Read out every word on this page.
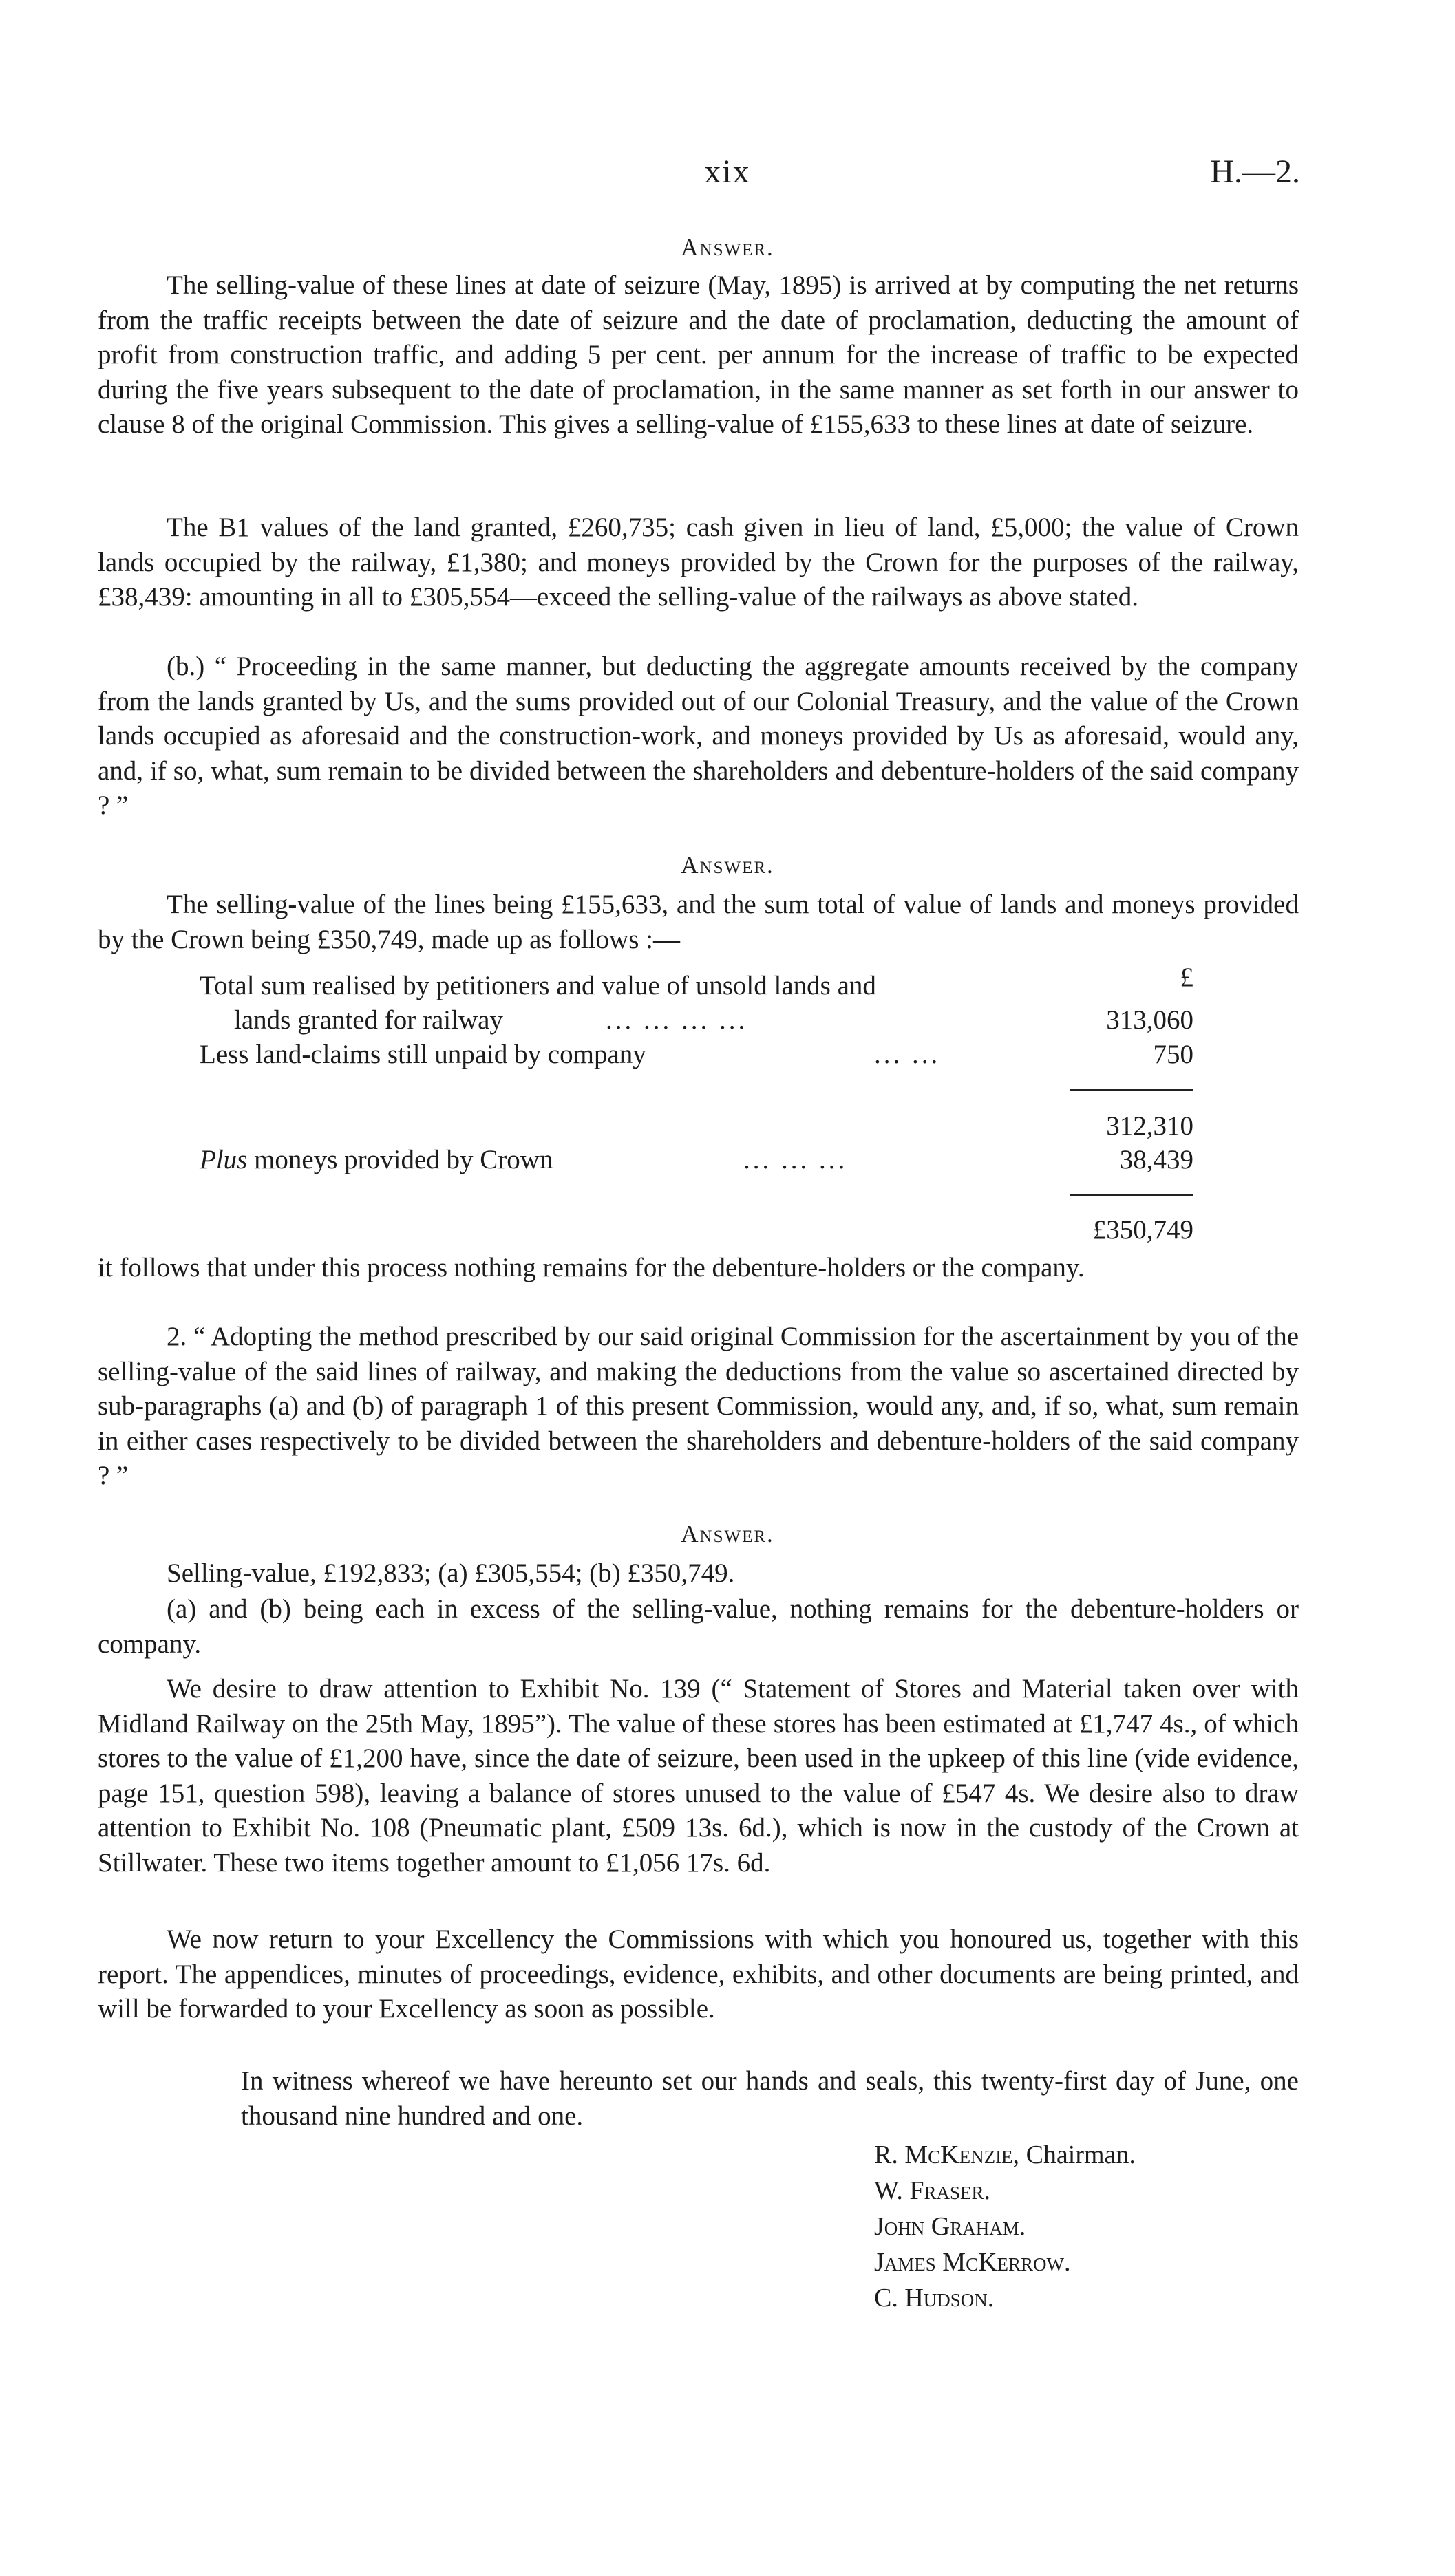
xix	H.—2.
Answer.

The selling-value of these lines at date of seizure (May, 1895) is arrived at by computing the net returns from the traffic receipts between the date of seizure and the date of proclamation, deducting the amount of profit from construction traffic, and adding 5 per cent. per annum for the increase of traffic to be expected during the five years subsequent to the date of proclamation, in the same manner as set forth in our answer to clause 8 of the original Commission. This gives a selling-value of £155,633 to these lines at date of seizure.

The B1 values of the land granted, £260,735; cash given in lieu of land, £5,000; the value of Crown lands occupied by the railway, £1,380; and moneys provided by the Crown for the purposes of the railway, £38,439: amounting in all to £305,554—exceed the selling-value of the railways as above stated.

(b.) “ Proceeding in the same manner, but deducting the aggregate amounts received by the company from the lands granted by Us, and the sums provided out of our Colonial Treasury, and the value of the Crown lands occupied as aforesaid and the construction-work, and moneys provided by Us as aforesaid, would any, and, if so, what, sum remain to be divided between the shareholders and debenture-holders of the said company ? ”

Answer.

The selling-value of the lines being £155,633, and the sum total of value of lands and moneys provided by the Crown being £350,749, made up as follows :—

£
Total sum realised by petitioners and value of unsold lands and
lands granted for railway	... ... ... ...	313,060
Less land-claims still unpaid by company	... ...	750
312,310
Plus moneys provided by Crown	... ... ...	38,439
£350,749

it follows that under this process nothing remains for the debenture-holders or the company.

2. “ Adopting the method prescribed by our said original Commission for the ascertainment by you of the selling-value of the said lines of railway, and making the deductions from the value so ascertained directed by sub-paragraphs (a) and (b) of paragraph 1 of this present Commission, would any, and, if so, what, sum remain in either cases respectively to be divided between the shareholders and debenture-holders of the said company ? ”

Answer.

Selling-value, £192,833; (a) £305,554; (b) £350,749.

(a) and (b) being each in excess of the selling-value, nothing remains for the debenture-holders or company.

We desire to draw attention to Exhibit No. 139 (“ Statement of Stores and Material taken over with Midland Railway on the 25th May, 1895”). The value of these stores has been estimated at £1,747 4s., of which stores to the value of £1,200 have, since the date of seizure, been used in the upkeep of this line (vide evidence, page 151, question 598), leaving a balance of stores unused to the value of £547 4s. We desire also to draw attention to Exhibit No. 108 (Pneumatic plant, £509 13s. 6d.), which is now in the custody of the Crown at Stillwater. These two items together amount to £1,056 17s. 6d.

We now return to your Excellency the Commissions with which you honoured us, together with this report. The appendices, minutes of proceedings, evidence, exhibits, and other documents are being printed, and will be forwarded to your Excellency as soon as possible.

In witness whereof we have hereunto set our hands and seals, this twenty-first day of June, one thousand nine hundred and one.

R. McKenzie, Chairman.
W. Fraser.
John Graham.
James McKerrow.
C. Hudson.
